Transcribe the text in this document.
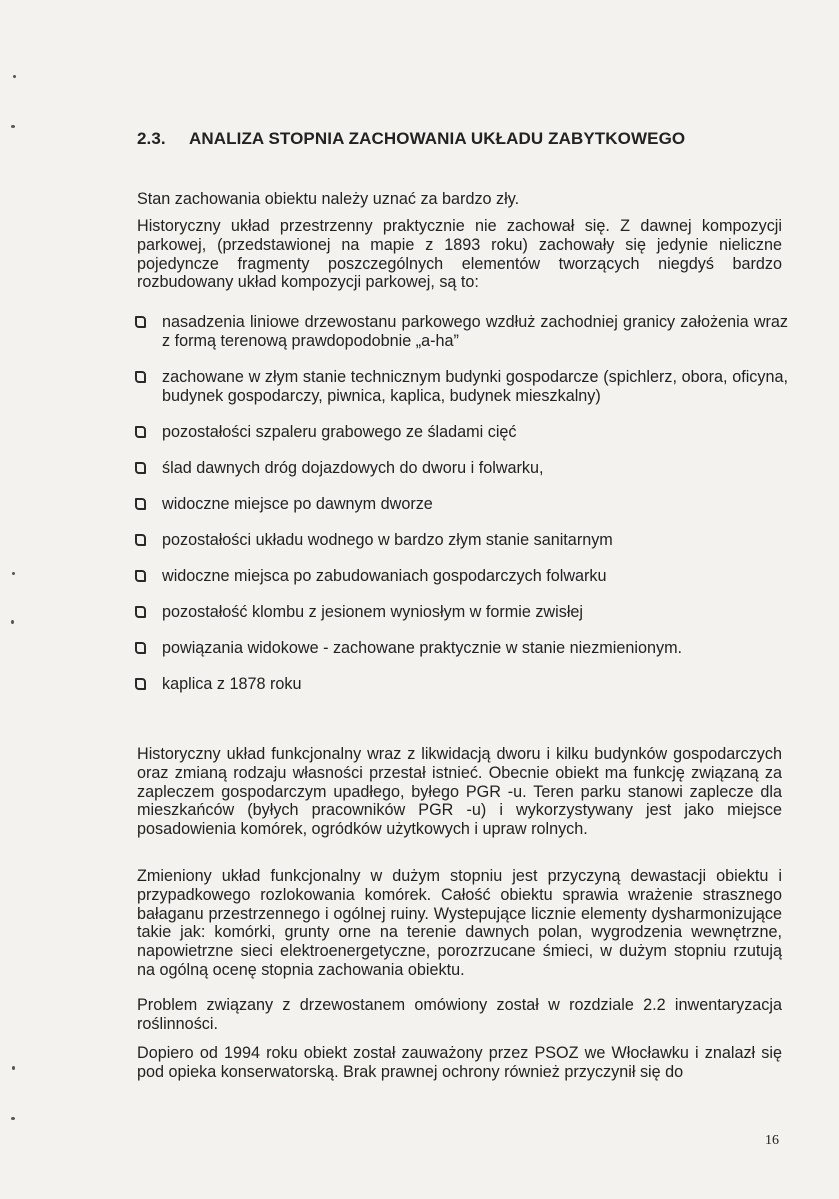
2.3. ANALIZA STOPNIA ZACHOWANIA UKŁADU ZABYTKOWEGO

Stan zachowania obiektu należy uznać za bardzo zły.

Historyczny układ przestrzenny praktycznie nie zachował się. Z dawnej kompozycji parkowej, (przedstawionej na mapie z 1893 roku) zachowały się jedynie nieliczne pojedyncze fragmenty poszczególnych elementów tworzących niegdyś bardzo rozbudowany układ kompozycji parkowej, są to:

nasadzenia liniowe drzewostanu parkowego wzdłuż zachodniej granicy założenia wraz z formą terenową prawdopodobnie „a-ha”
zachowane w złym stanie technicznym budynki gospodarcze (spichlerz, obora, oficyna, budynek gospodarczy, piwnica, kaplica, budynek mieszkalny)
pozostałości szpaleru grabowego ze śladami cięć
ślad dawnych dróg dojazdowych do dworu i folwarku,
widoczne miejsce po dawnym dworze
pozostałości układu wodnego w bardzo złym stanie sanitarnym
widoczne miejsca po zabudowaniach gospodarczych folwarku
pozostałość klombu z jesionem wyniosłym w formie zwisłej
powiązania widokowe - zachowane praktycznie w stanie niezmienionym.
kaplica z 1878 roku

Historyczny układ funkcjonalny wraz z likwidacją dworu i kilku budynków gospodarczych oraz zmianą rodzaju własności przestał istnieć. Obecnie obiekt ma funkcję związaną za zapleczem gospodarczym upadłego, byłego PGR -u. Teren parku stanowi zaplecze dla mieszkańców (byłych pracowników PGR -u) i wykorzystywany jest jako miejsce posadowienia komórek, ogródków użytkowych i upraw rolnych.

Zmieniony układ funkcjonalny w dużym stopniu jest przyczyną dewastacji obiektu i przypadkowego rozlokowania komórek. Całość obiektu sprawia wrażenie strasznego bałaganu przestrzennego i ogólnej ruiny. Wystepujące licznie elementy dysharmonizujące takie jak: komórki, grunty orne na terenie dawnych polan, wygrodzenia wewnętrzne, napowietrzne sieci elektroenergetyczne, porozrzucane śmieci, w dużym stopniu rzutują na ogólną ocenę stopnia zachowania obiektu.

Problem związany z drzewostanem omówiony został w rozdziale 2.2 inwentaryzacja roślinności.

Dopiero od 1994 roku obiekt został zauważony przez PSOZ we Włocławku i znalazł się pod opieka konserwatorską. Brak prawnej ochrony również przyczynił się do

16
